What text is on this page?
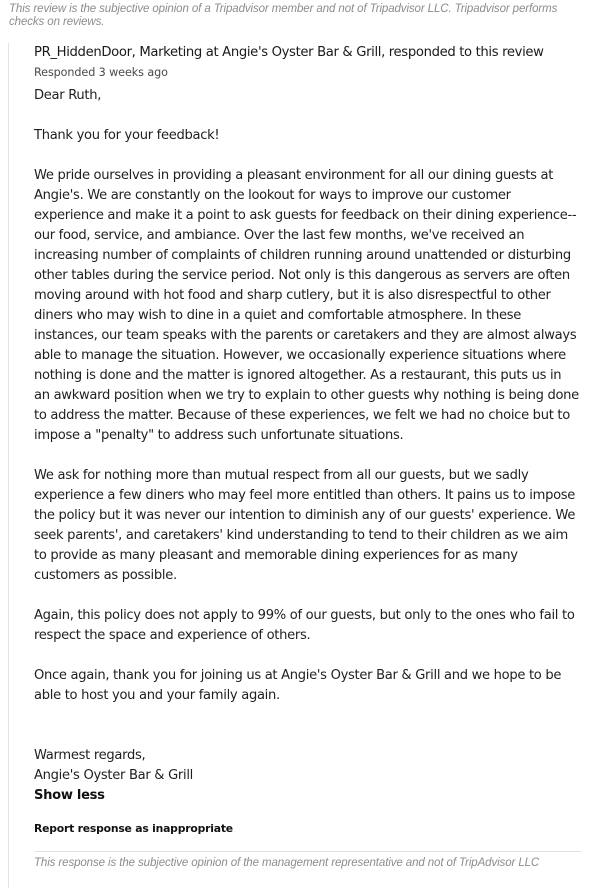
This review is the subjective opinion of a Tripadvisor member and not of Tripadvisor LLC. Tripadvisor performs checks on reviews.
PR_HiddenDoor, Marketing at Angie's Oyster Bar & Grill, responded to this review
Responded 3 weeks ago
Dear Ruth,
Thank you for your feedback!
We pride ourselves in providing a pleasant environment for all our dining guests at
Angie's. We are constantly on the lookout for ways to improve our customer
experience and make it a point to ask guests for feedback on their dining experience--
our food, service, and ambiance. Over the last few months, we've received an
increasing number of complaints of children running around unattended or disturbing
other tables during the service period. Not only is this dangerous as servers are often
moving around with hot food and sharp cutlery, but it is also disrespectful to other
diners who may wish to dine in a quiet and comfortable atmosphere. In these
instances, our team speaks with the parents or caretakers and they are almost always
able to manage the situation. However, we occasionally experience situations where
nothing is done and the matter is ignored altogether. As a restaurant, this puts us in
an awkward position when we try to explain to other guests why nothing is being done
to address the matter. Because of these experiences, we felt we had no choice but to
impose a "penalty" to address such unfortunate situations.
We ask for nothing more than mutual respect from all our guests, but we sadly
experience a few diners who may feel more entitled than others. It pains us to impose
the policy but it was never our intention to diminish any of our guests' experience. We
seek parents', and caretakers' kind understanding to tend to their children as we aim
to provide as many pleasant and memorable dining experiences for as many
customers as possible.
Again, this policy does not apply to 99% of our guests, but only to the ones who fail to
respect the space and experience of others.
Once again, thank you for joining us at Angie's Oyster Bar & Grill and we hope to be
able to host you and your family again.
Warmest regards,
Angie's Oyster Bar & Grill
Show less
Report response as inappropriate
This response is the subjective opinion of the management representative and not of TripAdvisor LLC
